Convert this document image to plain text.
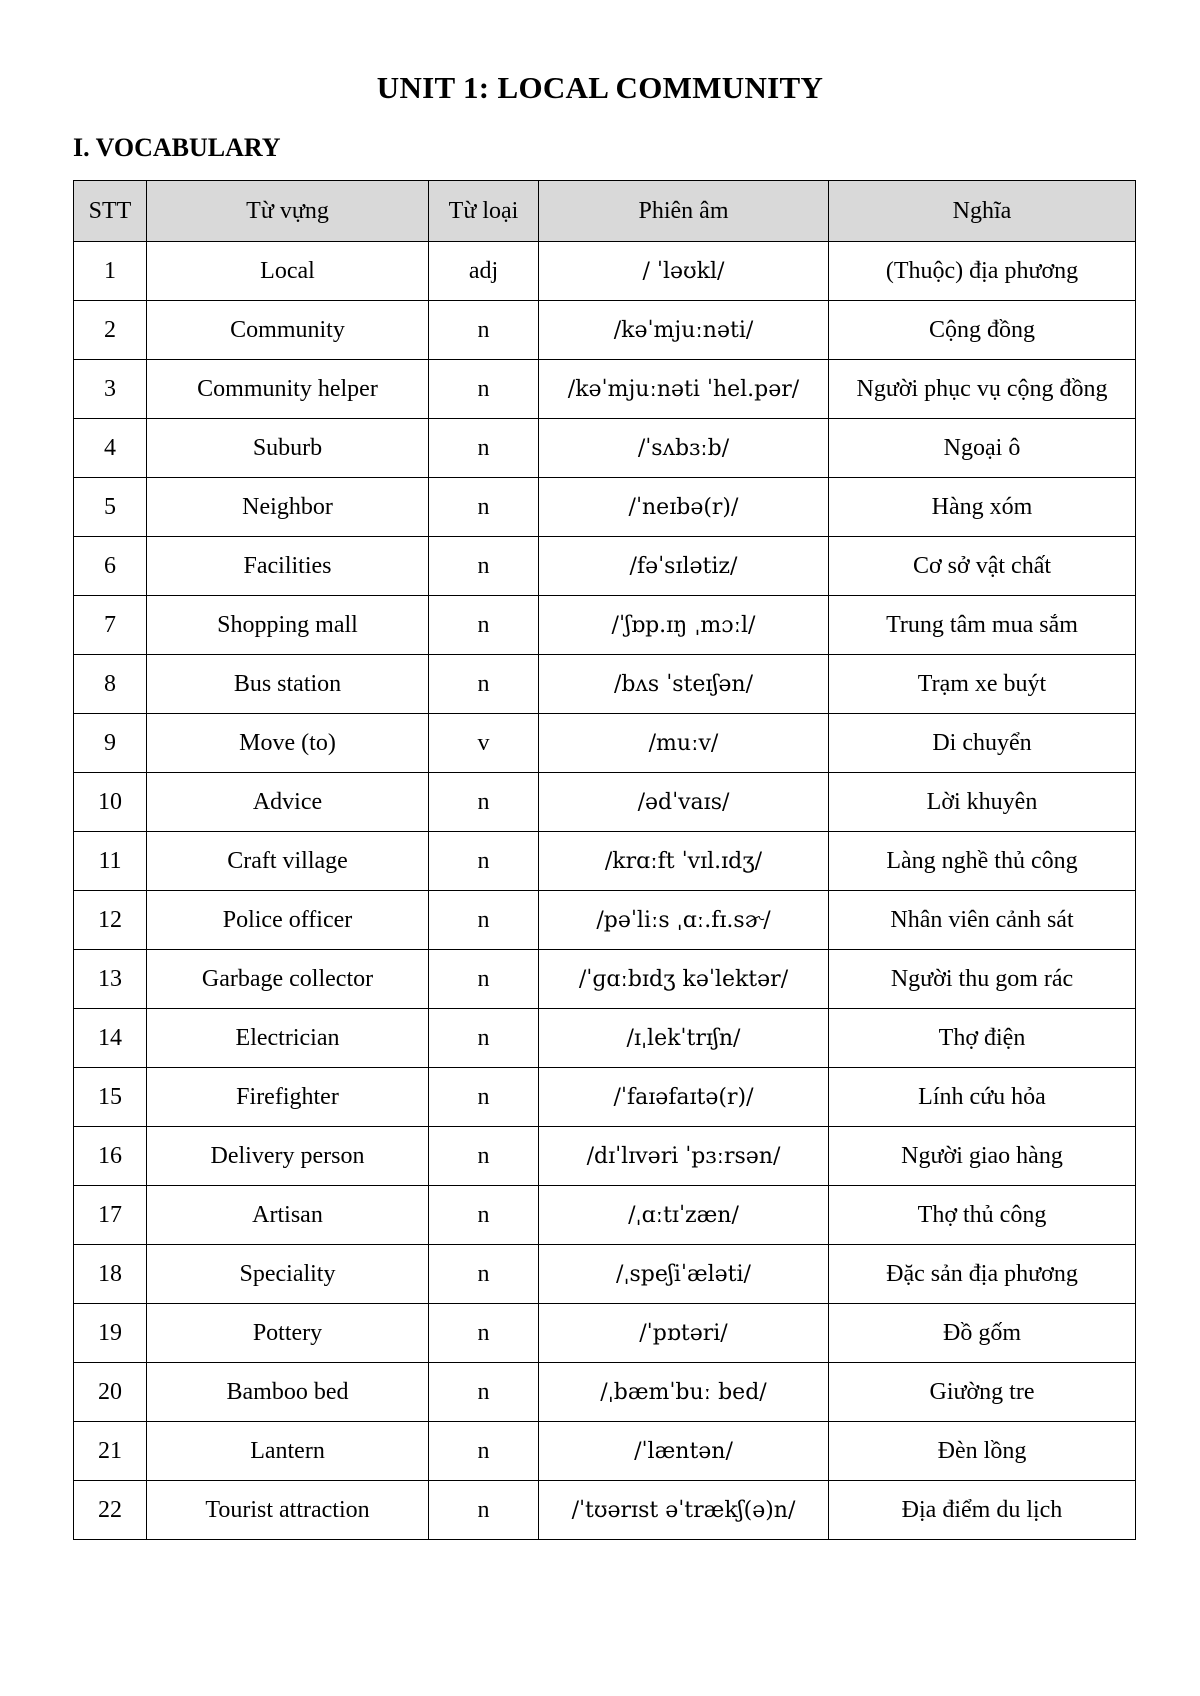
UNIT 1: LOCAL COMMUNITY
I. VOCABULARY
STT	Từ vựng	Từ loại	Phiên âm	Nghĩa
1	Local	adj	/ ˈləʊkl/	(Thuộc) địa phương
2	Community	n	/kəˈmjuːnəti/	Cộng đồng
3	Community helper	n	/kəˈmjuːnəti ˈhel.pər/	Người phục vụ cộng đồng
4	Suburb	n	/ˈsʌbɜːb/	Ngoại ô
5	Neighbor	n	/ˈneɪbə(r)/	Hàng xóm
6	Facilities	n	/fəˈsɪlətiz/	Cơ sở vật chất
7	Shopping mall	n	/ˈʃɒp.ɪŋ ˌmɔːl/	Trung tâm mua sắm
8	Bus station	n	/bʌs ˈsteɪʃən/	Trạm xe buýt
9	Move (to)	v	/muːv/	Di chuyển
10	Advice	n	/ədˈvaɪs/	Lời khuyên
11	Craft village	n	/krɑːft ˈvɪl.ɪdʒ/	Làng nghề thủ công
12	Police officer	n	/pəˈliːs ˌɑː.fɪ.sɚ/	Nhân viên cảnh sát
13	Garbage collector	n	/ˈɡɑːbɪdʒ kəˈlektər/	Người thu gom rác
14	Electrician	n	/ɪˌlekˈtrɪʃn/	Thợ điện
15	Firefighter	n	/ˈfaɪəfaɪtə(r)/	Lính cứu hỏa
16	Delivery person	n	/dɪˈlɪvəri ˈpɜːrsən/	Người giao hàng
17	Artisan	n	/ˌɑːtɪˈzæn/	Thợ thủ công
18	Speciality	n	/ˌspeʃiˈæləti/	Đặc sản địa phương
19	Pottery	n	/ˈpɒtəri/	Đồ gốm
20	Bamboo bed	n	/ˌbæmˈbuː bed/	Giường tre
21	Lantern	n	/ˈlæntən/	Đèn lồng
22	Tourist attraction	n	/ˈtʊərɪst əˈtrækʃ(ə)n/	Địa điểm du lịch
